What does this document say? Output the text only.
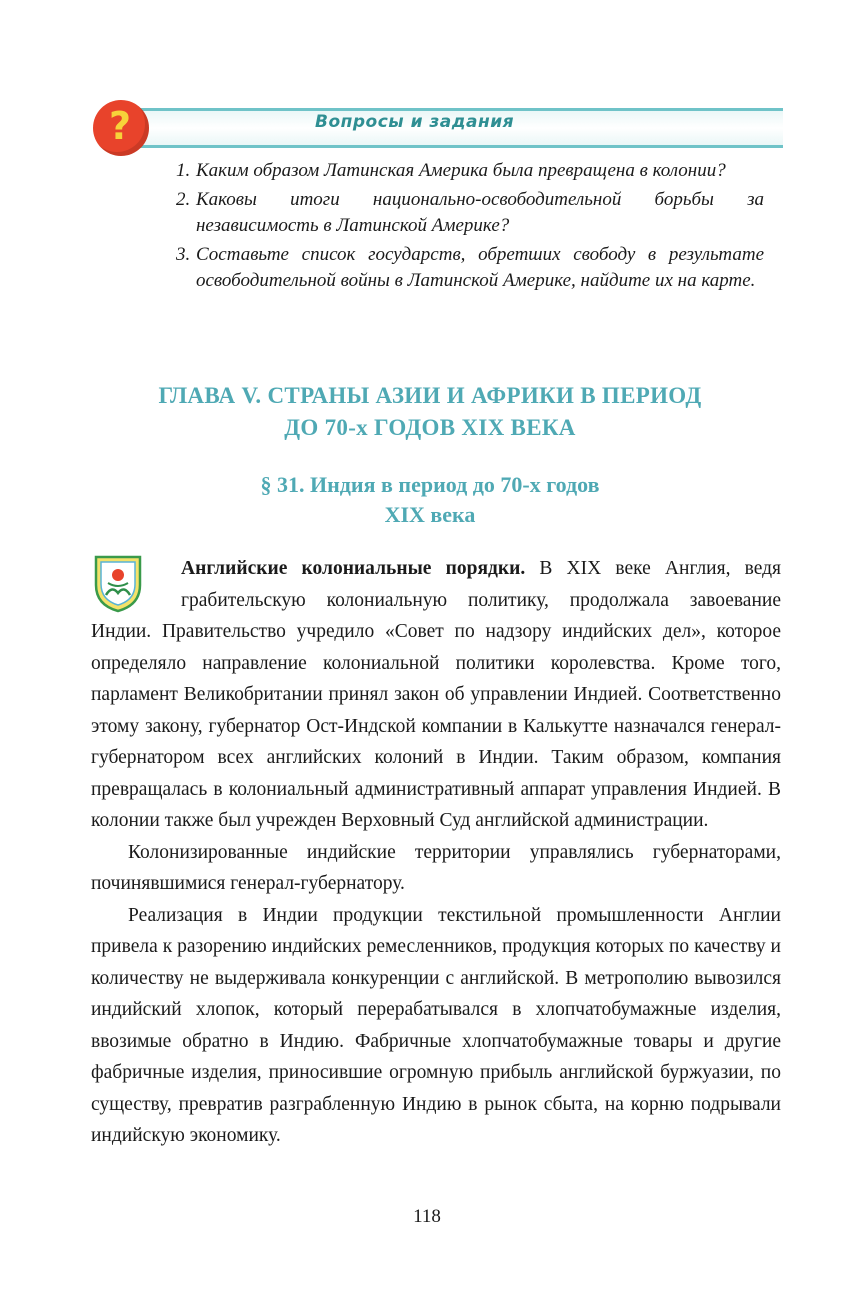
?	Вопросы и задания
1. Каким образом Латинская Америка была превращена в колонии?
2. Каковы итоги национально-освободительной борьбы за независимость в Латинской Америке?
3. Составьте список государств, обретших свободу в результате освободительной войны в Латинской Америке, найдите их на карте.
ГЛАВА V. СТРАНЫ АЗИИ И АФРИКИ В ПЕРИОД
ДО 70-х ГОДОВ XIX ВЕКА
§ 31. Индия в период до 70-х годов
XIX века

Английские колониальные порядки. В XIX веке Англия, ведя грабительскую колониальную политику, продолжала завоевание Индии. Правительство учредило «Совет по надзору индийских дел», которое определяло направление колониальной политики королевства. Кроме того, парламент Великобритании принял закон об управлении Индией. Соответственно этому закону, губернатор Ост-Индской компании в Калькутте назначался генерал-губернатором всех английских колоний в Индии. Таким образом, компания превращалась в колониальный административный аппарат управления Индией. В колонии также был учрежден Верховный Суд английской администрации.

Колонизированные индийские территории управлялись губернаторами, починявшимися генерал-губернатору.

Реализация в Индии продукции текстильной промышленности Англии привела к разорению индийских ремесленников, продукция которых по качеству и количеству не выдерживала конкуренции с английской. В метрополию вывозился индийский хлопок, который перерабатывался в хлопчатобумажные изделия, ввозимые обратно в Индию. Фабричные хлопчатобумажные товары и другие фабричные изделия, приносившие огромную прибыль английской буржуазии, по существу, превратив разграбленную Индию в рынок сбыта, на корню подрывали индийскую экономику.

118
